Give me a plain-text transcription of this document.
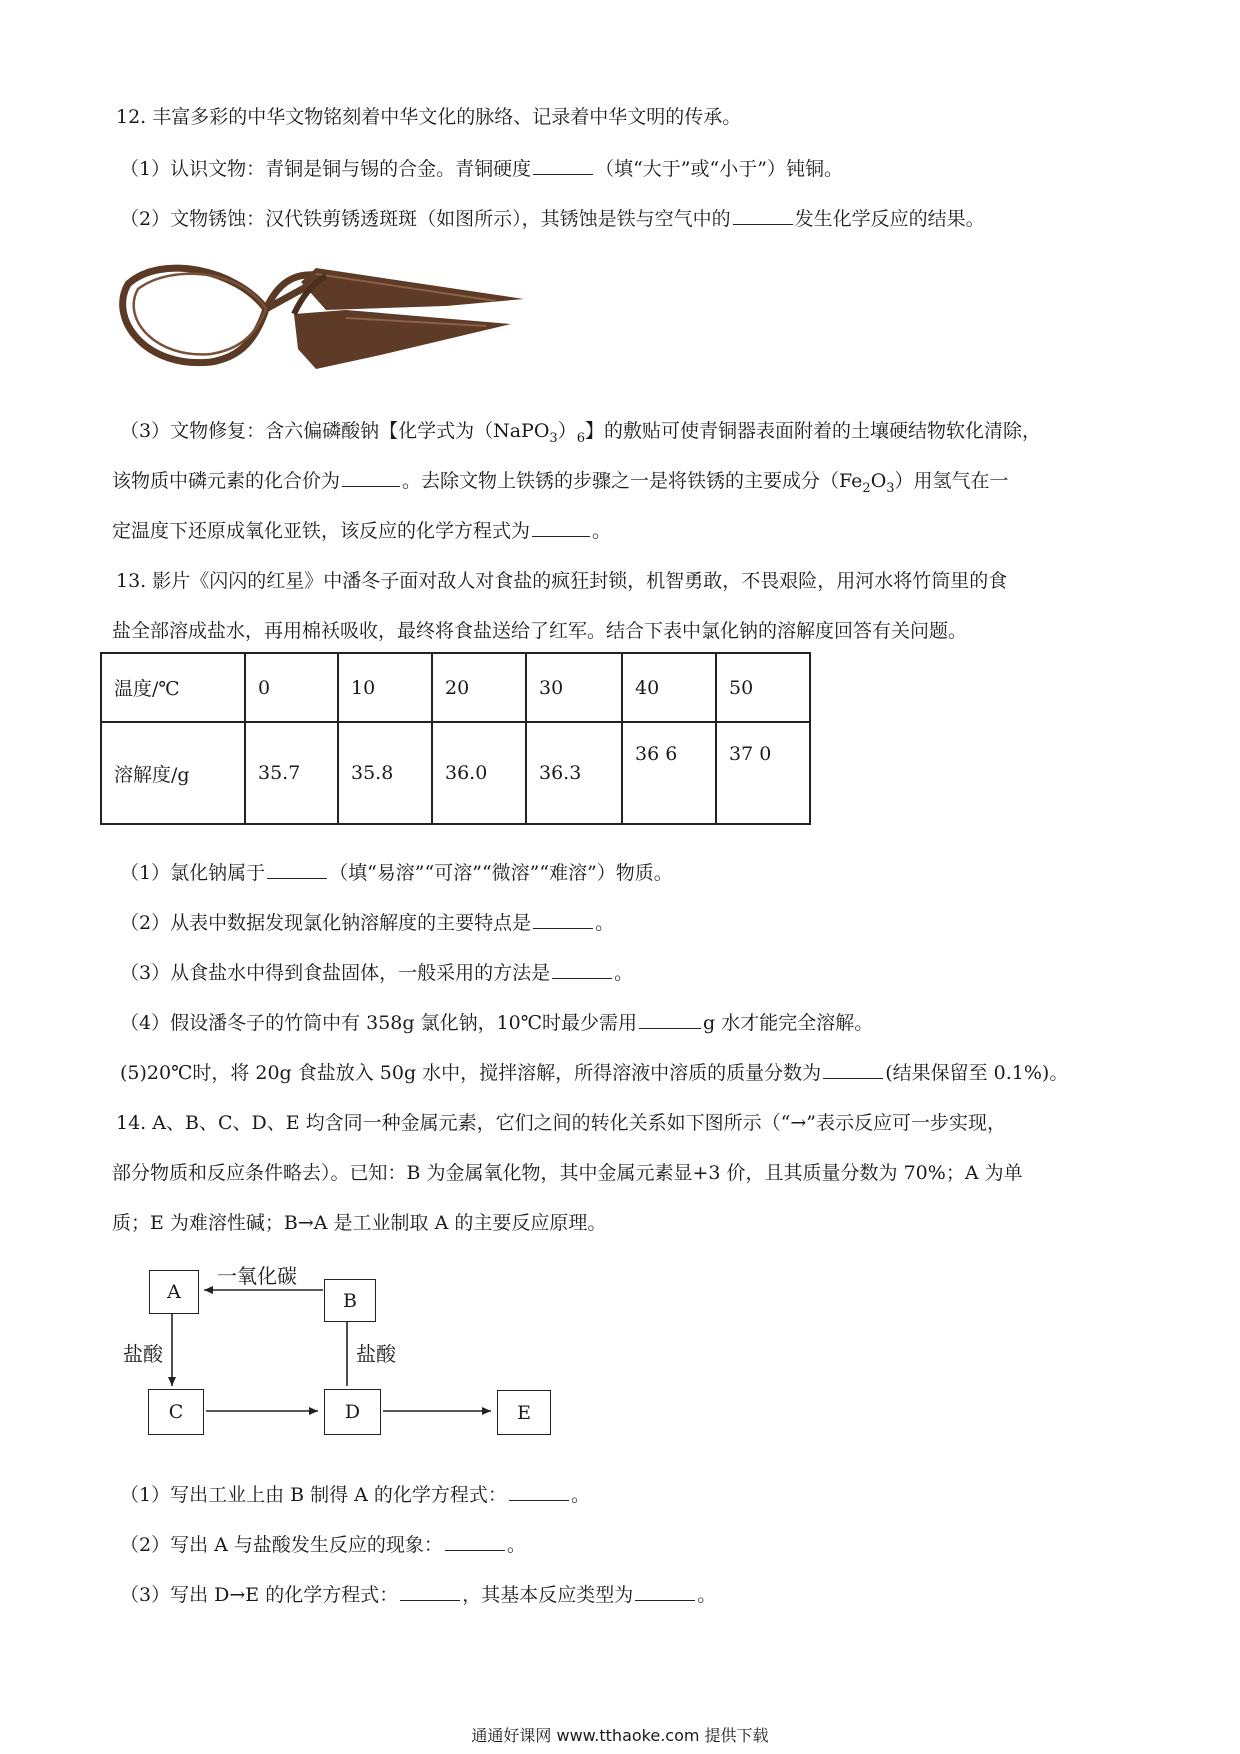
12. 丰富多彩的中华文物铭刻着中华文化的脉络、记录着中华文明的传承。
（1）认识文物：青铜是铜与锡的合金。青铜硬度	（填“大于”或“小于”）钝铜。
（2）文物锈蚀：汉代铁剪锈透斑斑（如图所示），其锈蚀是铁与空气中的	发生化学反应的结果。
（3）文物修复：含六偏磷酸钠【化学式为$(NaPO_3)_6$】的敷贴可使青铜器表面附着的土壤硬结物软化清除，
该物质中磷元素的化合价为	。去除文物上铁锈的步骤之一是将铁锈的主要成分$(Fe_2O_3)$用氢气在一
定温度下还原成氧化亚铁，该反应的化学方程式为	。
13. 影片《闪闪的红星》中潘冬子面对敌人对食盐的疯狂封锁，机智勇敢，不畏艰险，用河水将竹筒里的食
盐全部溶成盐水，再用棉袄吸收，最终将食盐送给了红军。结合下表中氯化钠的溶解度回答有关问题。
温度/℃	0	10	20	30	40	50
溶解度/g	35.7	35.8	36.0	36.3	36 6	37 0
（1）氯化钠属于	（填“易溶”“可溶”“微溶”“难溶”）物质。
（2）从表中数据发现氯化钠溶解度的主要特点是	。
（3）从食盐水中得到食盐固体，一般采用的方法是	。
（4）假设潘冬子的竹筒中有 358g 氯化钠，10℃时最少需用	g 水才能完全溶解。
(5)20℃时，将 20g 食盐放入 50g 水中，搅拌溶解，所得溶液中溶质的质量分数为	(结果保留至 0.1%)。
14. A、B、C、D、E 均含同一种金属元素，它们之间的转化关系如下图所示（“→”表示反应可一步实现，
部分物质和反应条件略去）。已知：B 为金属氧化物，其中金属元素显+3 价，且其质量分数为 70%；A 为单
质；E 为难溶性碱；B→A 是工业制取 A 的主要反应原理。
A	B
C	D	E
一氧化碳
盐酸	盐酸
（1）写出工业上由 B 制得 A 的化学方程式：	。
（2）写出 A 与盐酸发生反应的现象：	。
（3）写出 D→E 的化学方程式：	，其基本反应类型为	。
通通好课网 www.tthaoke.com 提供下载
